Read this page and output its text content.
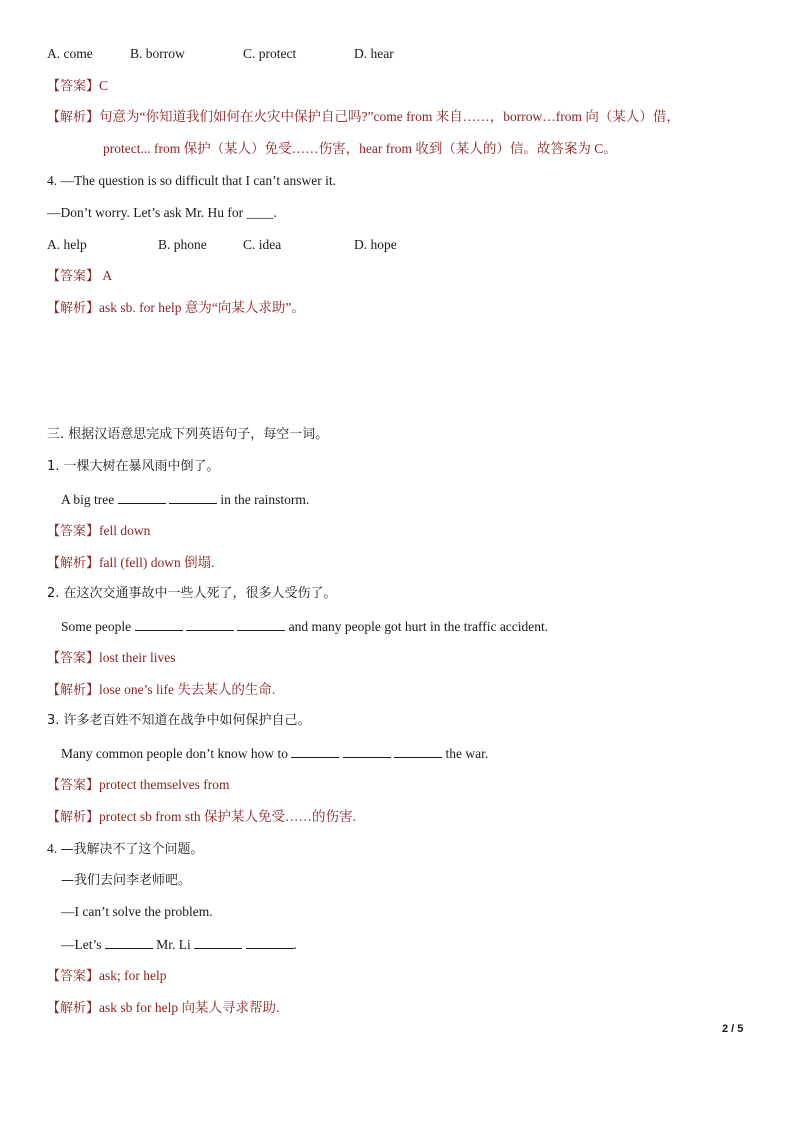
A. come	B. borrow	C. protect	D. hear
【答案】C
【解析】句意为“你知道我们如何在火灾中保护自己吗?”come from 来自……，borrow…from 向（某人）借，
protect... from 保护（某人）免受……伤害，hear from 收到（某人的）信。故答案为 C。
4. —The question is so difficult that I can’t answer it.
—Don’t worry. Let’s ask Mr. Hu for ____.
A. help	B. phone	C. idea	D. hope
【答案】 A
【解析】ask sb. for help 意为“向某人求助”。
三. 根据汉语意思完成下列英语句子，每空一词。
1. 一棵大树在暴风雨中倒了。
A big tree	in the rainstorm.
【答案】fell down
【解析】fall (fell) down 倒塌.
2. 在这次交通事故中一些人死了，很多人受伤了。
Some people	and many people got hurt in the traffic accident.
【答案】lost their lives
【解析】lose one’s life 失去某人的生命.
3. 许多老百姓不知道在战争中如何保护自己。
Many common people don’t know how to	the war.
【答案】protect themselves from
【解析】protect sb from sth 保护某人免受……的伤害.
4. —我解决不了这个问题。
—我们去问李老师吧。
—I can’t solve the problem.
—Let’s	Mr. Li	.
【答案】ask; for help
【解析】ask sb for help 向某人寻求帮助.
2 / 5
